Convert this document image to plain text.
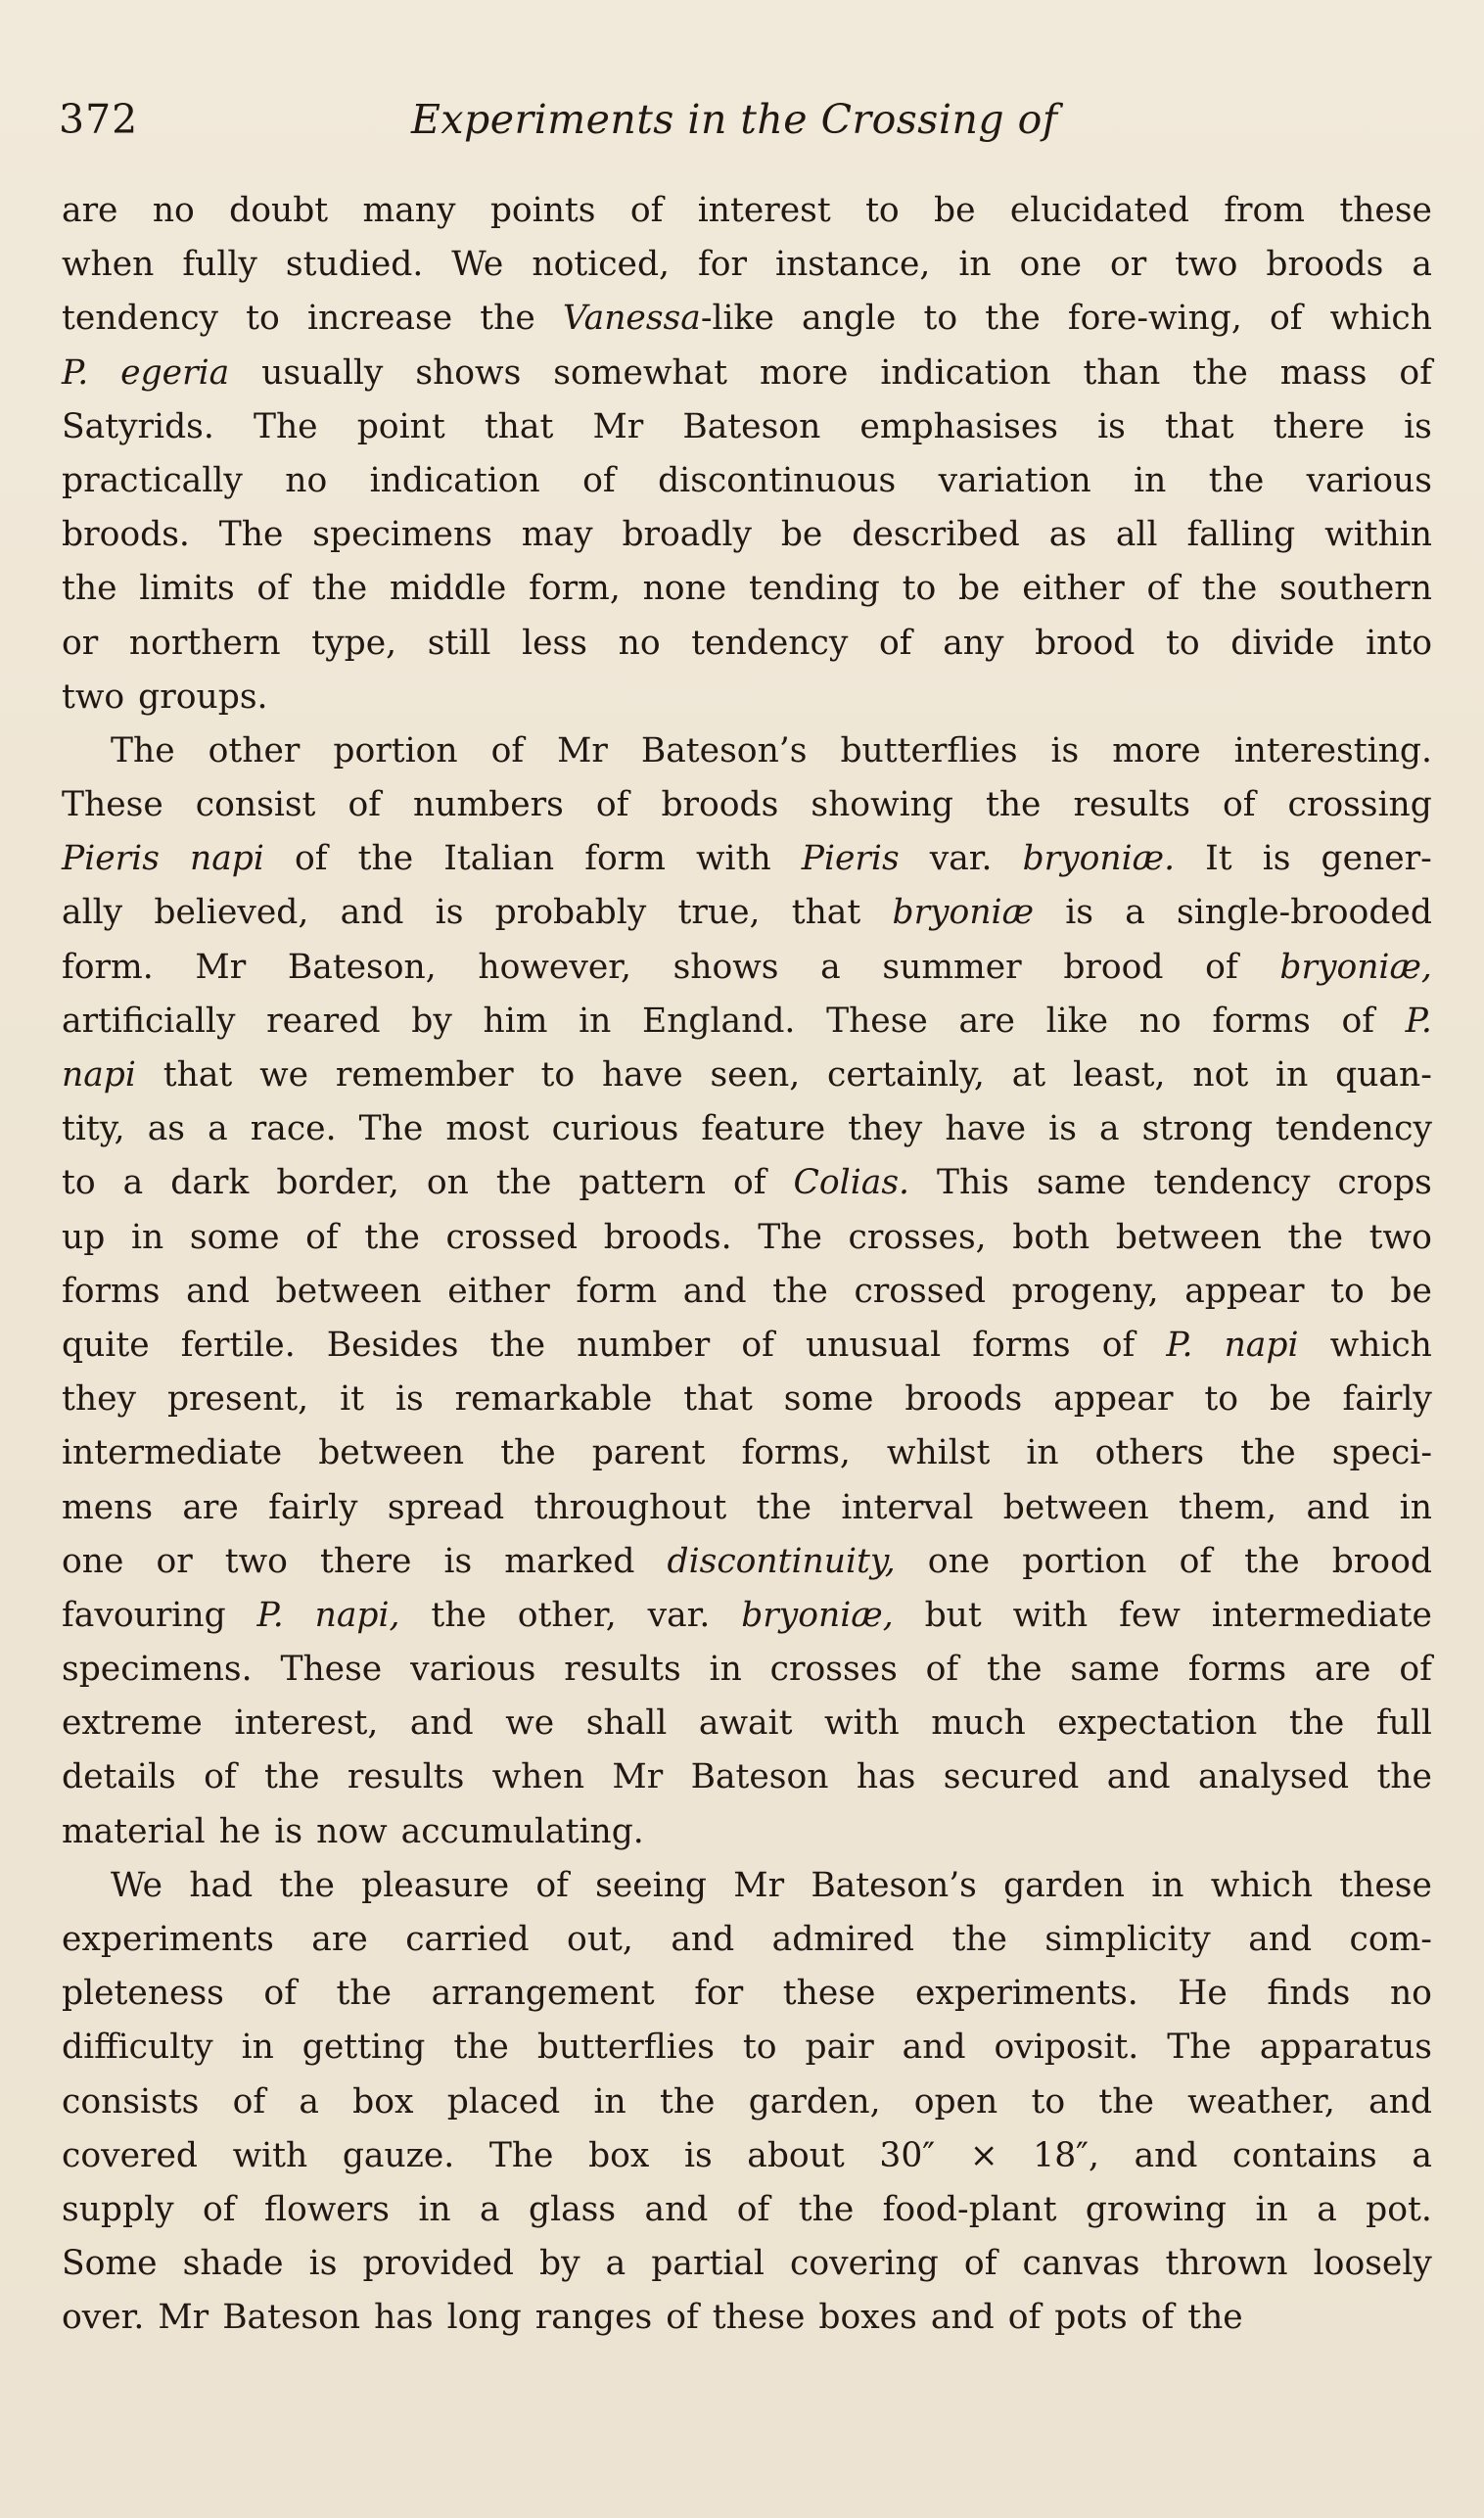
372	Experiments in the Crossing of
are no doubt many points of interest to be elucidated from these
when fully studied. We noticed, for instance, in one or two broods a
tendency to increase the Vanessa-like angle to the fore-wing, of which
P. egeria usually shows somewhat more indication than the mass of
Satyrids. The point that Mr Bateson emphasises is that there is
practically no indication of discontinuous variation in the various
broods. The specimens may broadly be described as all falling within
the limits of the middle form, none tending to be either of the southern
or northern type, still less no tendency of any brood to divide into
two groups.
The other portion of Mr Bateson’s butterflies is more interesting.
These consist of numbers of broods showing the results of crossing
Pieris napi of the Italian form with Pieris var. bryoniæ. It is gener-
ally believed, and is probably true, that bryoniæ is a single-brooded
form. Mr Bateson, however, shows a summer brood of bryoniæ,
artificially reared by him in England. These are like no forms of P.
napi that we remember to have seen, certainly, at least, not in quan-
tity, as a race. The most curious feature they have is a strong tendency
to a dark border, on the pattern of Colias. This same tendency crops
up in some of the crossed broods. The crosses, both between the two
forms and between either form and the crossed progeny, appear to be
quite fertile. Besides the number of unusual forms of P. napi which
they present, it is remarkable that some broods appear to be fairly
intermediate between the parent forms, whilst in others the speci-
mens are fairly spread throughout the interval between them, and in
one or two there is marked discontinuity, one portion of the brood
favouring P. napi, the other, var. bryoniæ, but with few intermediate
specimens. These various results in crosses of the same forms are of
extreme interest, and we shall await with much expectation the full
details of the results when Mr Bateson has secured and analysed the
material he is now accumulating.
We had the pleasure of seeing Mr Bateson’s garden in which these
experiments are carried out, and admired the simplicity and com-
pleteness of the arrangement for these experiments. He finds no
difficulty in getting the butterflies to pair and oviposit. The apparatus
consists of a box placed in the garden, open to the weather, and
covered with gauze. The box is about 30″ × 18″, and contains a
supply of flowers in a glass and of the food-plant growing in a pot.
Some shade is provided by a partial covering of canvas thrown loosely
over. Mr Bateson has long ranges of these boxes and of pots of the
